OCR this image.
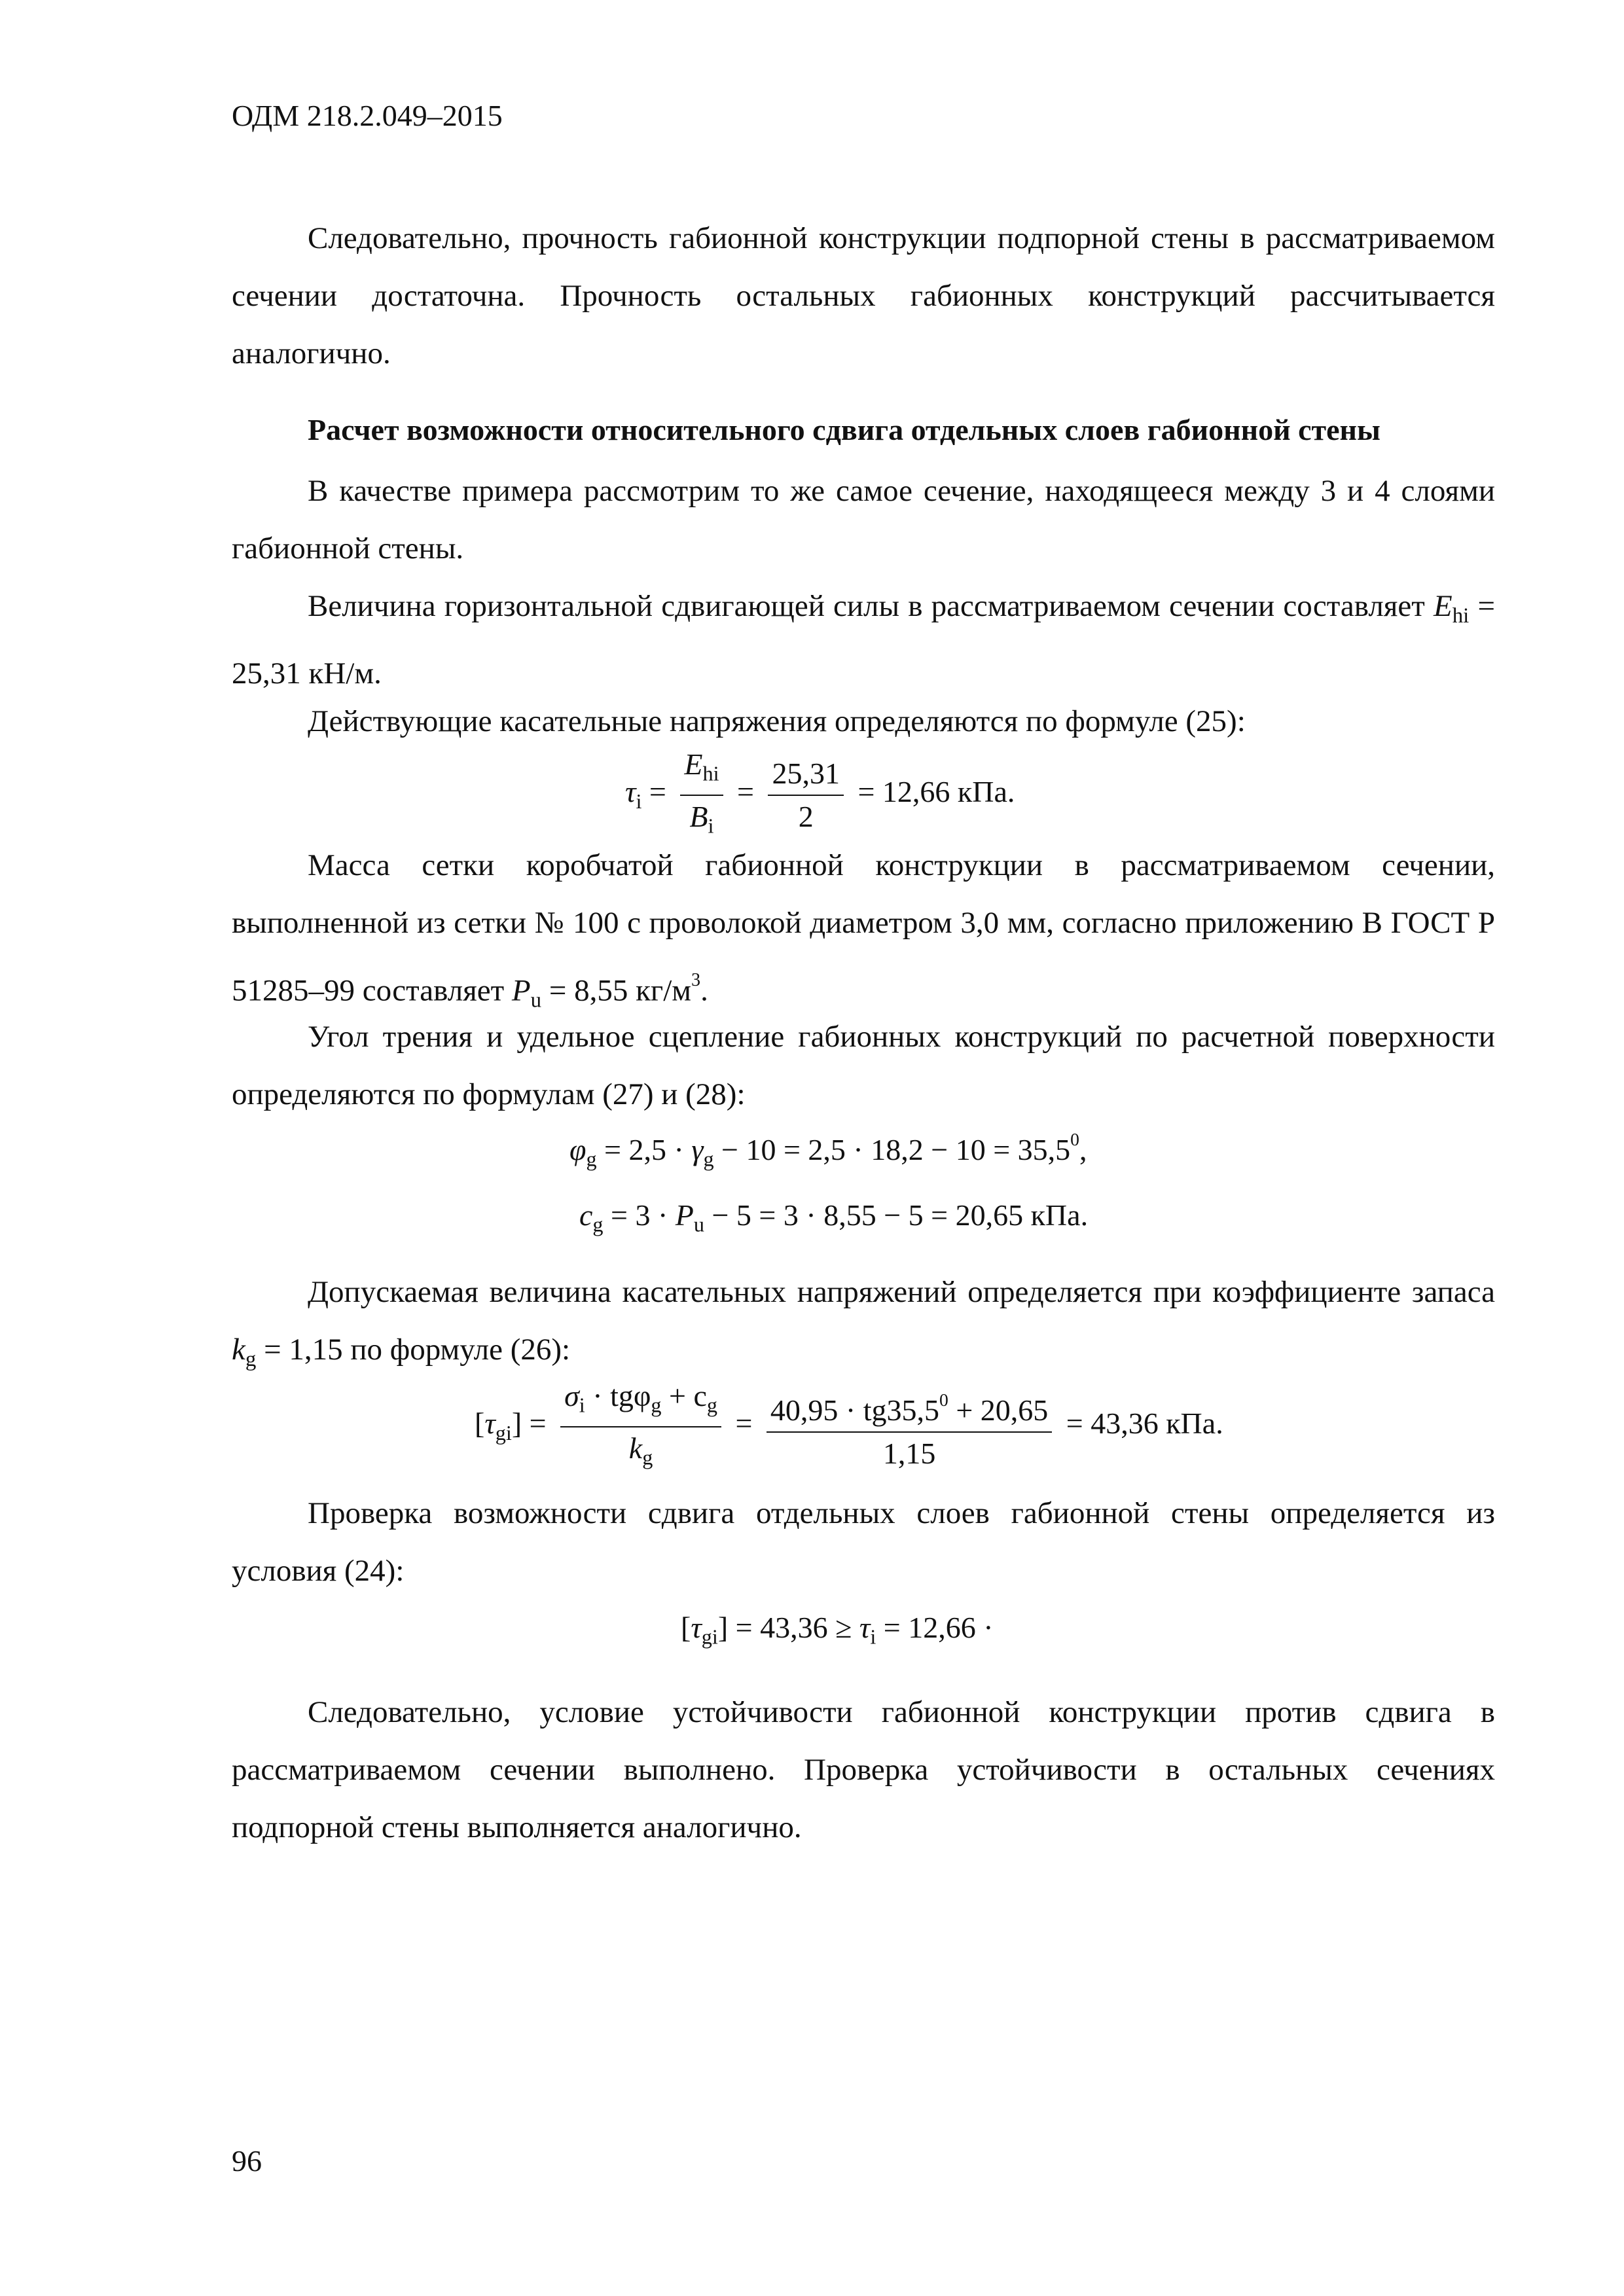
ОДМ 218.2.049–2015

Следовательно, прочность габионной конструкции подпорной стены в рассматриваемом сечении достаточна. Прочность остальных габионных конструкций рассчитывается аналогично.

Расчет возможности относительного сдвига отдельных слоев габионной стены

В качестве примера рассмотрим то же самое сечение, находящееся между 3 и 4 слоями габионной стены.

Величина горизонтальной сдвигающей силы в рассматриваемом сечении составляет $E_{hi} = 25,31$ кН/м.

Действующие касательные напряжения определяются по формуле (25):

$\tau_i = \frac{E_{hi}}{B_i} = \frac{25,31}{2} = 12,66$ кПа.

Масса сетки коробчатой габионной конструкции в рассматриваемом сечении, выполненной из сетки № 100 с проволокой диаметром 3,0 мм, согласно приложению В ГОСТ Р 51285–99 составляет $P_u = 8,55$ $кг/м^3$.

Угол трения и удельное сцепление габионных конструкций по расчетной поверхности определяются по формулам (27) и (28):

$\varphi_g = 2,5 \cdot \gamma_g - 10 = 2,5 \cdot 18,2 - 10 = 35,5^0$,
$c_g = 3 \cdot P_u - 5 = 3 \cdot 8,55 - 5 = 20,65$ кПа.

Допускаемая величина касательных напряжений определяется при коэффициенте запаса $k_g = 1,15$ по формуле (26):

$[\tau_{gi}] = \frac{\sigma_i \cdot tg\varphi_g + c_g}{k_g} = \frac{40,95 \cdot tg35,5^0 + 20,65}{1,15} = 43,36$ кПа.

Проверка возможности сдвига отдельных слоев габионной стены определяется из условия (24):

$[\tau_{gi}] = 43,36 \ge \tau_i = 12,66$ ·

Следовательно, условие устойчивости габионной конструкции против сдвига в рассматриваемом сечении выполнено. Проверка устойчивости в остальных сечениях подпорной стены выполняется аналогично.

96
